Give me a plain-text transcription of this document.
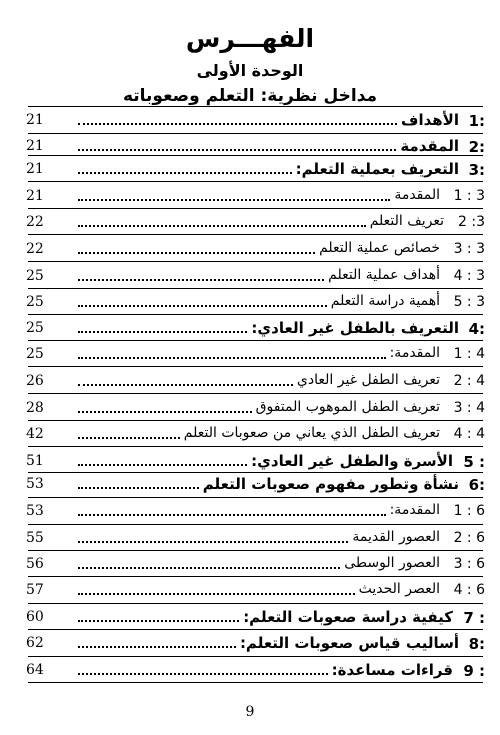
الفهـــرس
الوحدة الأولى
مداخل نظرية: التعلم وصعوباته
1:
الأهداف
21
2:
المقدمة
21
3:
التعريف بعملية التعلم:
21
1 : 3
المقدمة
21
2 :3
تعريف التعلم
22
3 : 3
خصائص عملية التعلم
22
4 : 3
أهداف عملية التعلم
25
5 : 3
أهمية دراسة التعلم
25
4:
التعريف بالطفل غير العادي:
25
1 : 4
المقدمة:
25
2 : 4
تعريف الطفل غير العادي
26
3 : 4
تعريف الطفل الموهوب المتفوق
28
4 : 4
تعريف الطفل الذي يعاني من صعوبات التعلم
42
5 :
الأسرة والطفل غير العادي:
51
6:
نشأة وتطور مفهوم صعوبات التعلم
53
1 : 6
المقدمة:
53
2 : 6
العصور القديمة
55
3 : 6
العصور الوسطى
56
4 : 6
العصر الحديث
57
7 :
كيفية دراسة صعوبات التعلم:
60
8:
أساليب قياس صعوبات التعلم:
62
9 :
قراءات مساعدة:
64
9
